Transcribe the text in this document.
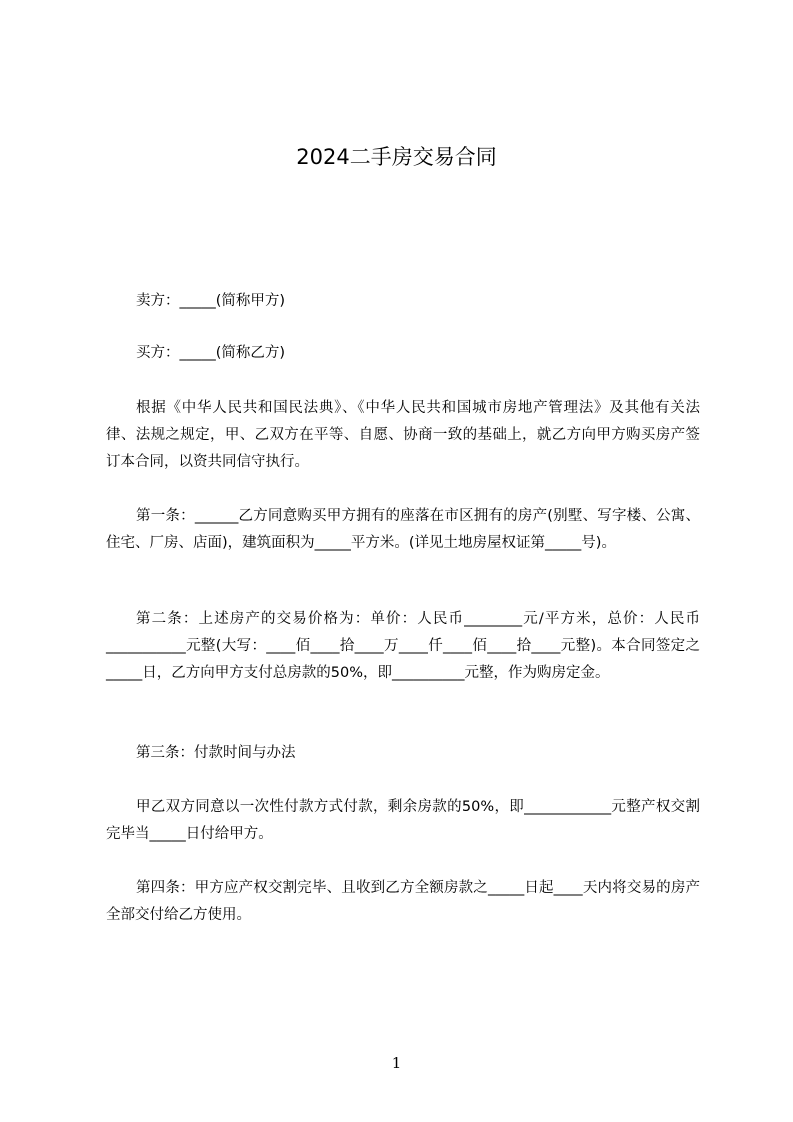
2024二手房交易合同

卖方：_____(简称甲方)

买方：_____(简称乙方)

根据《中华人民共和国民法典》、《中华人民共和国城市房地产管理法》及其他有关法律、法规之规定，甲、乙双方在平等、自愿、协商一致的基础上，就乙方向甲方购买房产签订本合同，以资共同信守执行。

第一条：______乙方同意购买甲方拥有的座落在市区拥有的房产(别墅、写字楼、公寓、住宅、厂房、店面)，建筑面积为_____平方米。(详见土地房屋权证第_____号)。

第二条：上述房产的交易价格为：单价：人民币________元/平方米，总价：人民币___________元整(大写：____佰____拾____万____仟____佰____拾____元整)。本合同签定之_____日，乙方向甲方支付总房款的50%，即__________元整，作为购房定金。

第三条：付款时间与办法

甲乙双方同意以一次性付款方式付款，剩余房款的50%，即____________元整产权交割完毕当_____日付给甲方。

第四条：甲方应产权交割完毕、且收到乙方全额房款之_____日起____天内将交易的房产全部交付给乙方使用。

1
